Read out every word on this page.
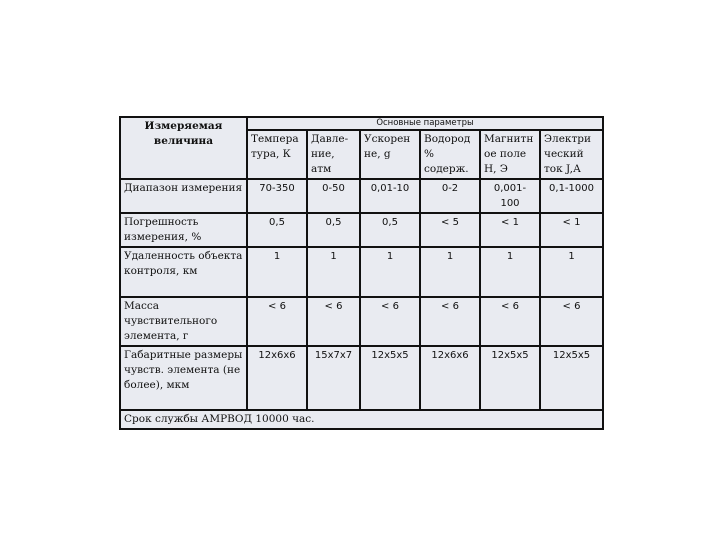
Измеряемая величина	Основные параметры					
	Темпера тура, К	Давле- ние, атм	Ускорен не, g	Водород % содерж.	Магнитн ое поле Н, Э	Электри ческий ток J,А
Диапазон измерения	70-350	0-50	0,01-10	0-2	0,001- 100	0,1-1000
Погрешность измерения, %	0,5	0,5	0,5	< 5	< 1	< 1
Удаленность объекта контроля, км	1	1	1	1	1	1
Масса чувствительного элемента, г	< 6	< 6	< 6	< 6	< 6	< 6
Габаритные размеры чувств. элемента (не более), мкм	12x6x6	15x7x7	12x5x5	12x6x6	12x5x5	12x5x5
Срок службы АМРВОД 10000 час.						
